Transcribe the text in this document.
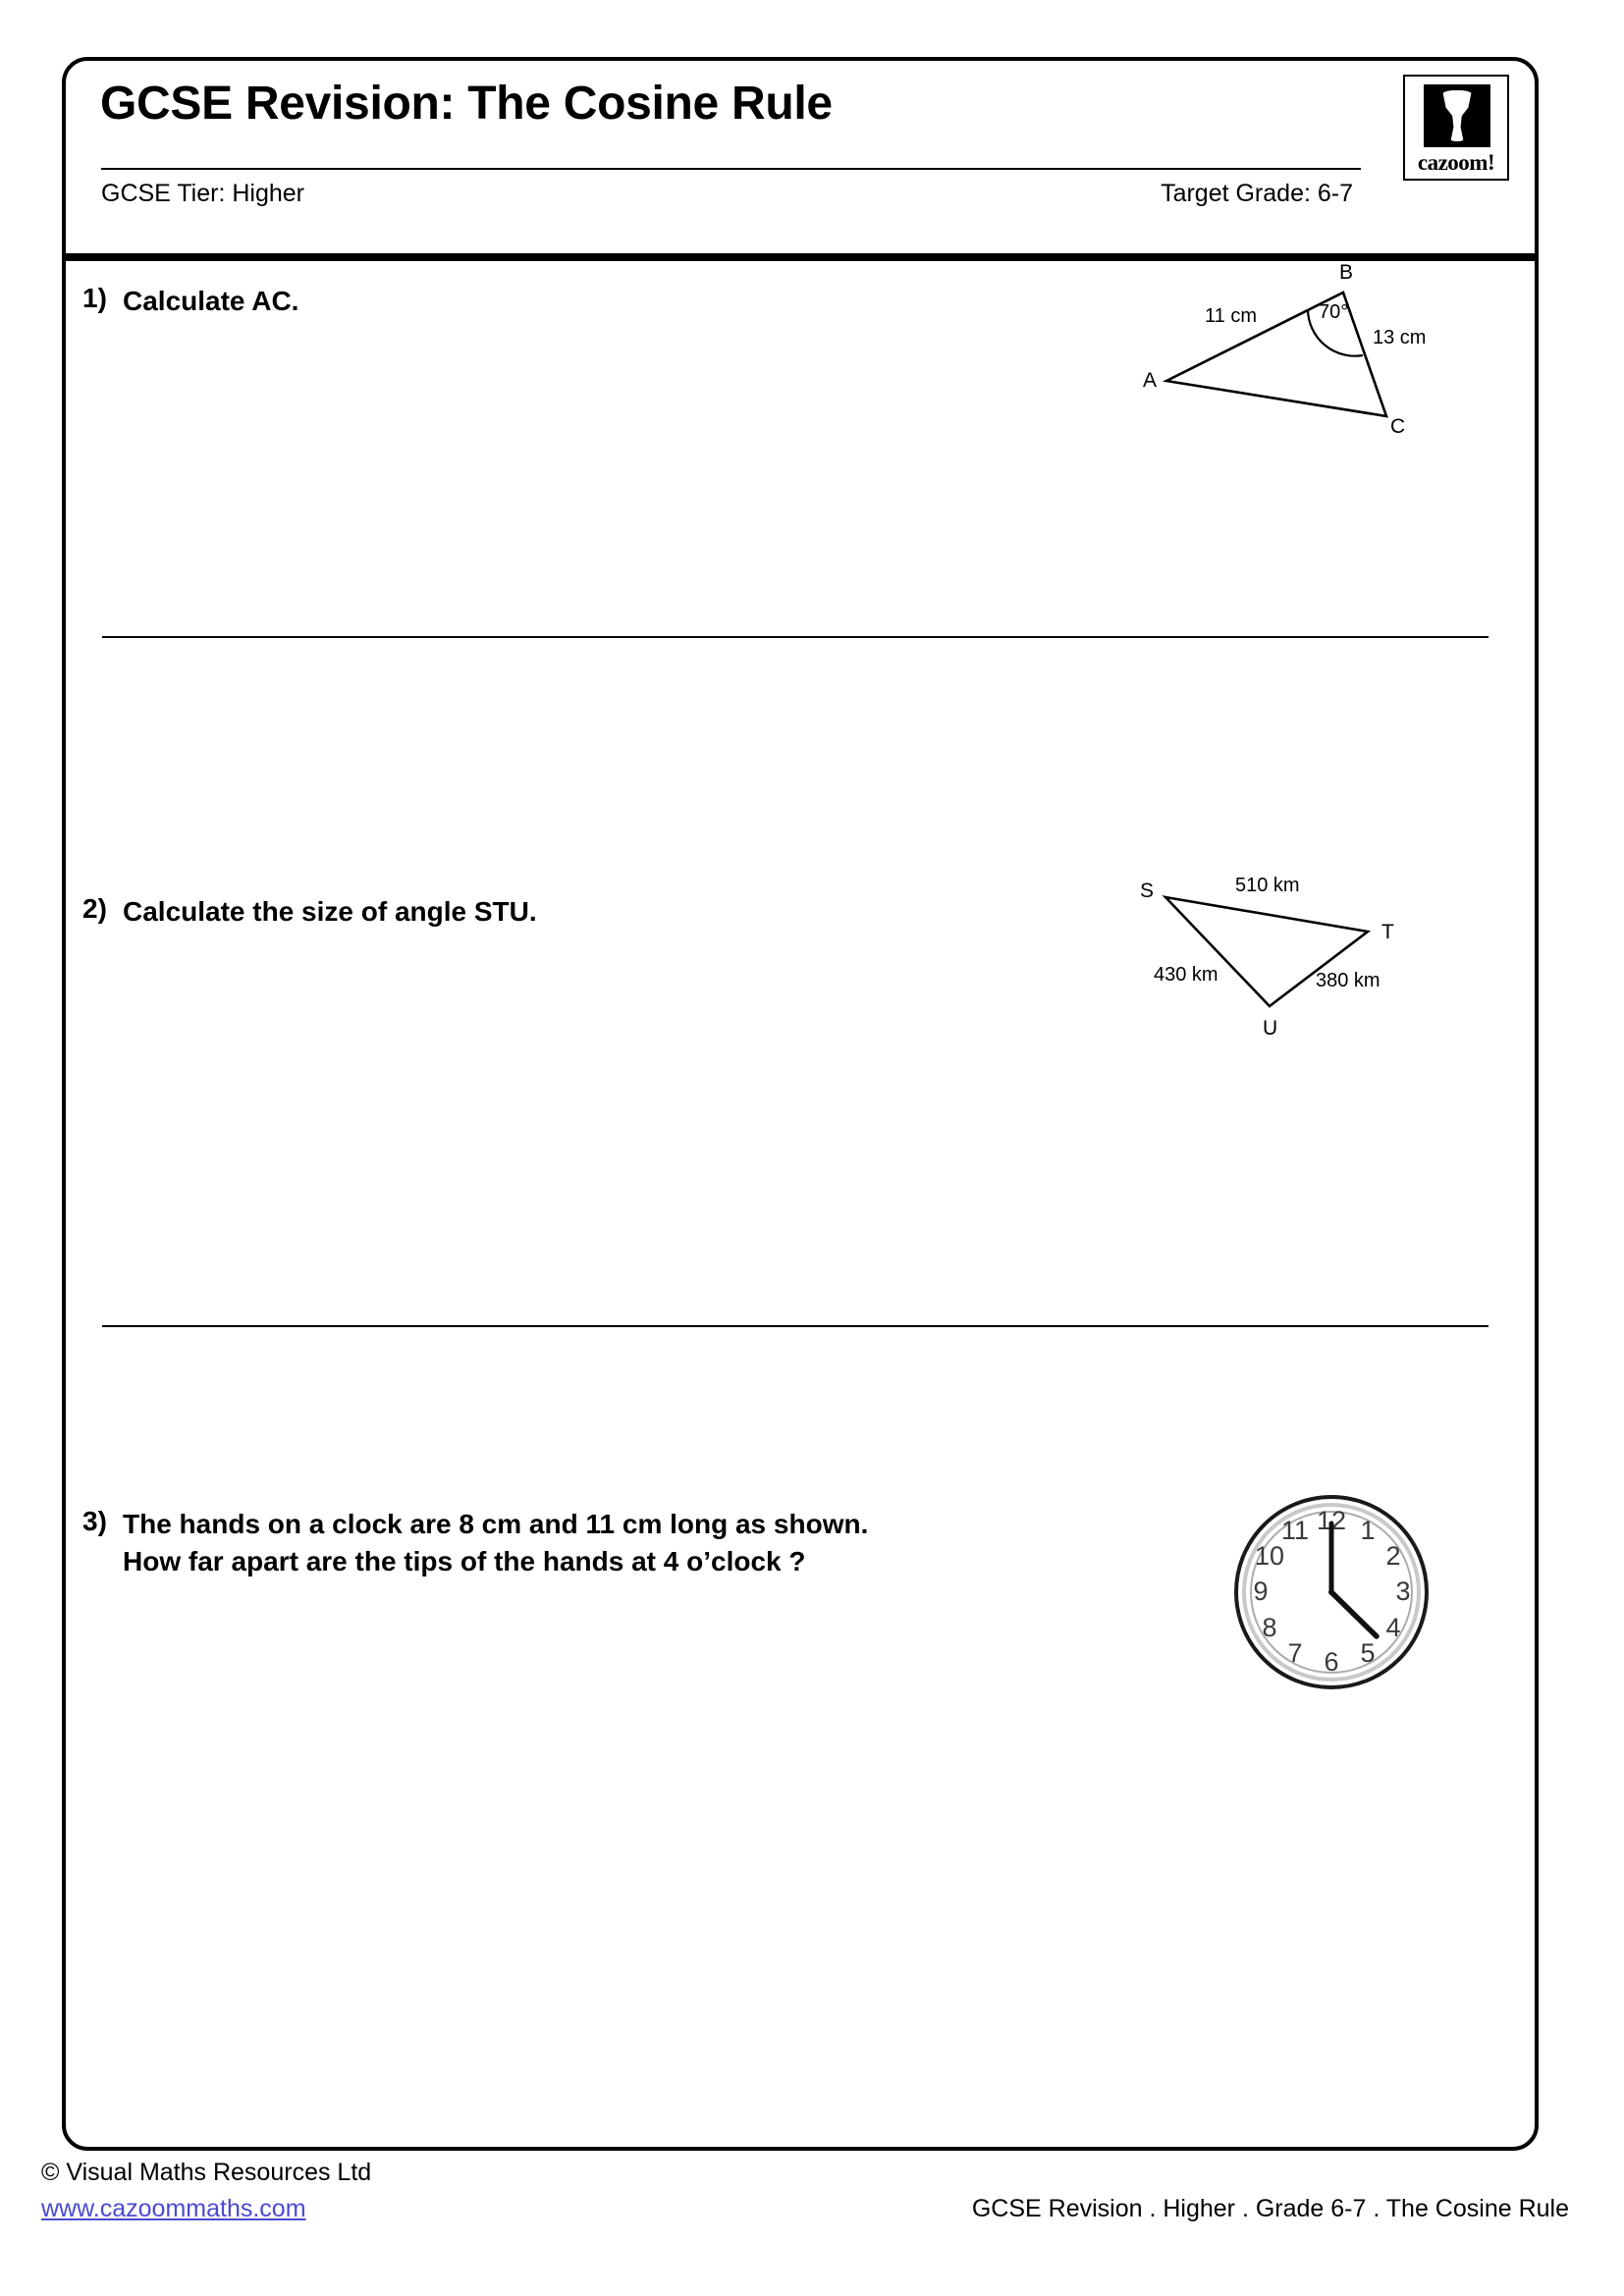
GCSE Revision: The Cosine Rule
GCSE Tier: Higher	Target Grade: 6-7
cazoom!
1) Calculate AC.
A
B
C
11 cm
13 cm
70°
2) Calculate the size of angle STU.
S
T
U
510 km
430 km	380 km
3) The hands on a clock are 8 cm and 11 cm long as shown.
How far apart are the tips of the hands at 4 o’clock ?
12 1
2
3
4
5
6
7
8
9
10
11
© Visual Maths Resources Ltd
www.cazoommaths.com	GCSE Revision . Higher . Grade 6-7 . The Cosine Rule
